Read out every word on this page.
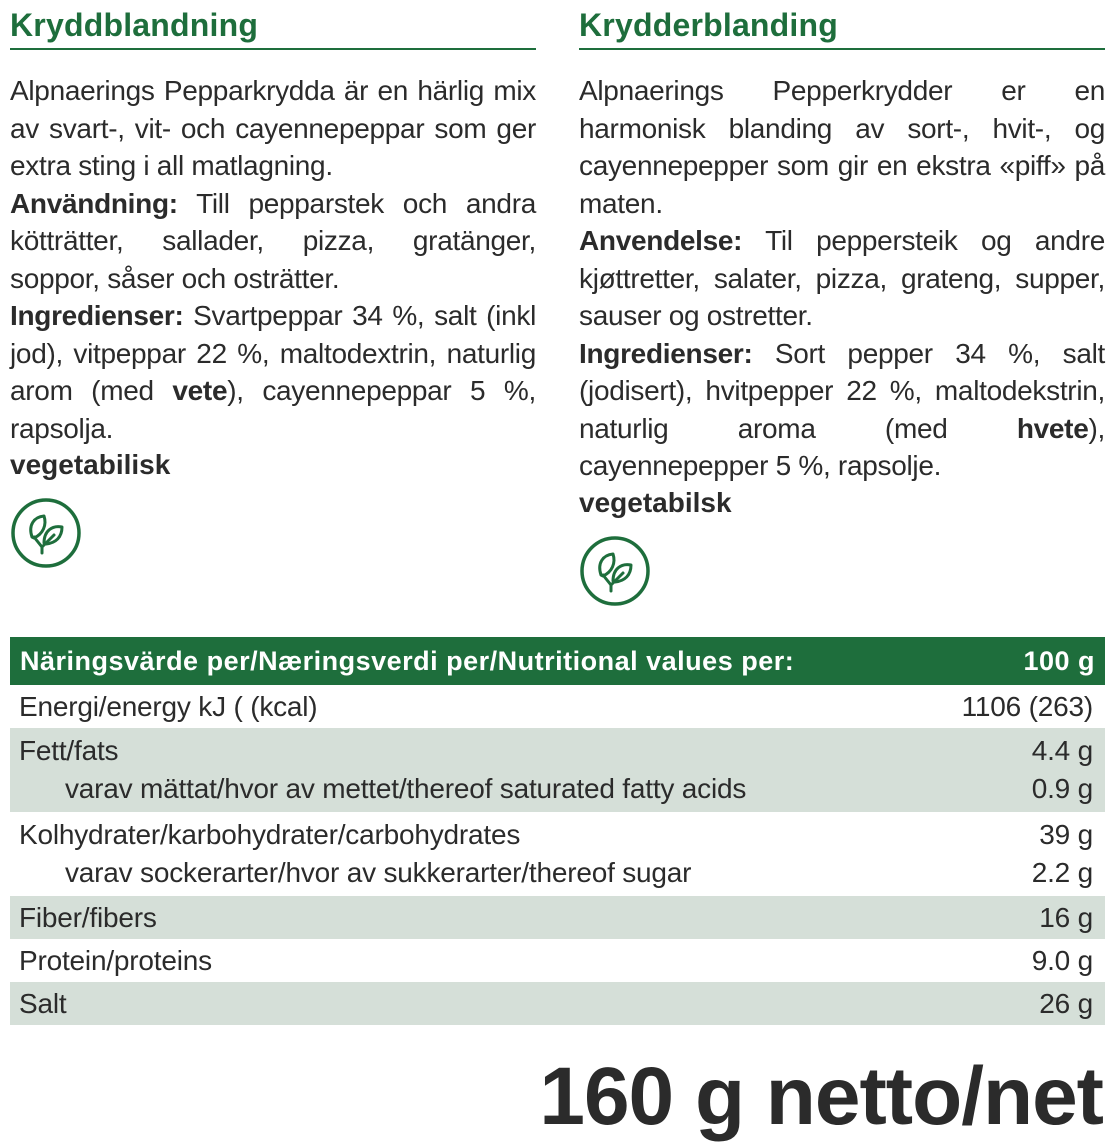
Kryddblandning

Alpnaerings Pepparkrydda är en härlig mix av svart-, vit- och cayennepeppar som ger extra sting i all matlagning.

Användning: Till pepparstek och andra kötträtter, sallader, pizza, gratänger, soppor, såser och osträtter.

Ingredienser: Svartpeppar 34 %, salt (inkl jod), vitpeppar 22 %, maltodextrin, naturlig arom (med vete), cayennepeppar 5 %, rapsolja.

vegetabilisk
Krydderblanding

Alpnaerings Pepperkrydder er en harmonisk blanding av sort-, hvit-, og cayennepepper som gir en ekstra «piff» på maten.

Anvendelse: Til peppersteik og andre kjøttretter, salater, pizza, grateng, supper, sauser og ostretter.

Ingredienser: Sort pepper 34 %, salt (jodisert), hvitpepper 22 %, maltodekstrin, naturlig aroma (med hvete), cayennepepper 5 %, rapsolje.

vegetabilsk
Näringsvärde per/Næringsverdi per/Nutritional values per:	100 g
Energi/energy kJ ( (kcal)	1106 (263)
Fett/fats	4.4 g
varav mättat/hvor av mettet/thereof saturated fatty acids	0.9 g
Kolhydrater/karbohydrater/carbohydrates	39 g
varav sockerarter/hvor av sukkerarter/thereof sugar	2.2 g
Fiber/fibers	16 g
Protein/proteins	9.0 g
Salt	26 g
160 g netto/net
